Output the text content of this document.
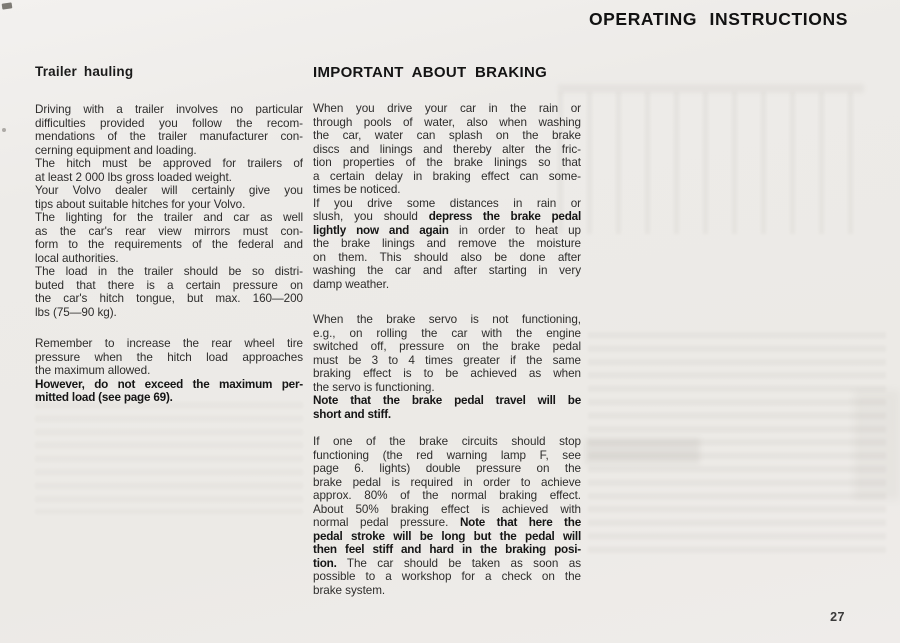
OPERATING INSTRUCTIONS
Trailer hauling
Driving with a trailer involves no particular
difficulties provided you follow the recom-
mendations of the trailer manufacturer con-
cerning equipment and loading.
The hitch must be approved for trailers of
at least 2 000 lbs gross loaded weight.
Your Volvo dealer will certainly give you
tips about suitable hitches for your Volvo.
The lighting for the trailer and car as well
as the car's rear view mirrors must con-
form to the requirements of the federal and
local authorities.
The load in the trailer should be so distri-
buted that there is a certain pressure on
the car's hitch tongue, but max. 160—200
lbs (75—90 kg).
Remember to increase the rear wheel tire
pressure when the hitch load approaches
the maximum allowed.
However, do not exceed the maximum per-
mitted load (see page 69).
IMPORTANT ABOUT BRAKING
When you drive your car in the rain or
through pools of water, also when washing
the car, water can splash on the brake
discs and linings and thereby alter the fric-
tion properties of the brake linings so that
a certain delay in braking effect can some-
times be noticed.
If you drive some distances in rain or
slush, you should depress the brake pedal
lightly now and again in order to heat up
the brake linings and remove the moisture
on them. This should also be done after
washing the car and after starting in very
damp weather.
When the brake servo is not functioning,
e.g., on rolling the car with the engine
switched off, pressure on the brake pedal
must be 3 to 4 times greater if the same
braking effect is to be achieved as when
the servo is functioning.
Note that the brake pedal travel will be
short and stiff.
If one of the brake circuits should stop
functioning (the red warning lamp F, see
page 6. lights) double pressure on the
brake pedal is required in order to achieve
approx. 80% of the normal braking effect.
About 50% braking effect is achieved with
normal pedal pressure. Note that here the
pedal stroke will be long but the pedal will
then feel stiff and hard in the braking posi-
tion. The car should be taken as soon as
possible to a workshop for a check on the
brake system.
27
